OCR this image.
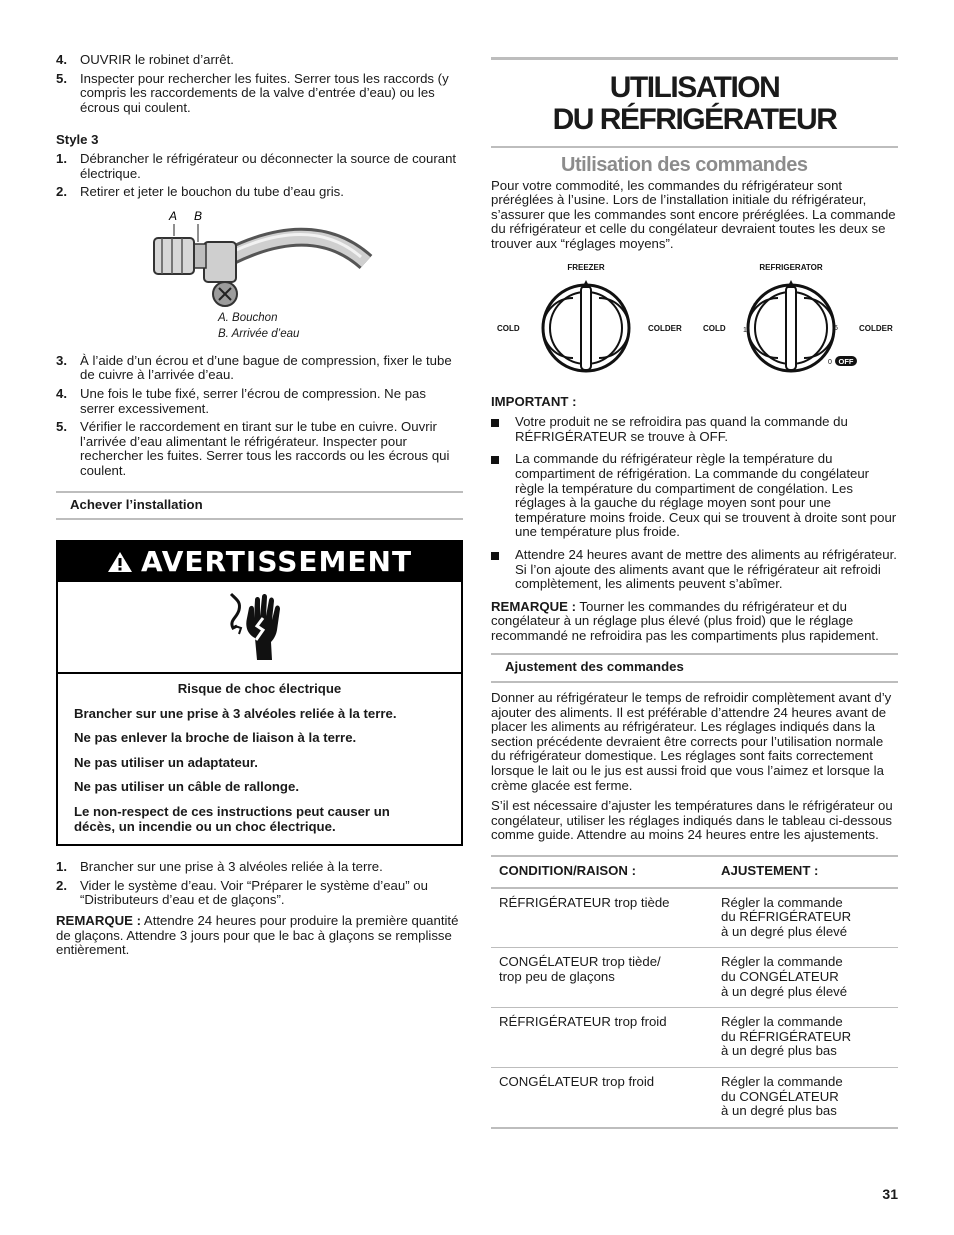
4. OUVRIR le robinet d’arrêt.
5. Inspecter pour rechercher les fuites. Serrer tous les raccords (y compris les raccordements de la valve d’entrée d’eau) ou les écrous qui coulent.

Style 3

1. Débrancher le réfrigérateur ou déconnecter la source de courant électrique.
2. Retirer et jeter le bouchon du tube d’eau gris.
A B

A. Bouchon

B. Arrivée d’eau

3. À l’aide d’un écrou et d’une bague de compression, fixer le tube de cuivre à l’arrivée d’eau.
4. Une fois le tube fixé, serrer l’écrou de compression. Ne pas serrer excessivement.
5. Vérifier le raccordement en tirant sur le tube en cuivre. Ouvrir l’arrivée d’eau alimentant le réfrigérateur. Inspecter pour rechercher les fuites. Serrer tous les raccords ou les écrous qui coulent.
Achever l’installation
AVERTISSEMENT

Risque de choc électrique

Brancher sur une prise à 3 alvéoles reliée à la terre.

Ne pas enlever la broche de liaison à la terre.

Ne pas utiliser un adaptateur.

Ne pas utiliser un câble de rallonge.

Le non-respect de ces instructions peut causer un décès, un incendie ou un choc électrique.

1. Brancher sur une prise à 3 alvéoles reliée à la terre.
2. Vider le système d’eau. Voir “Préparer le système d’eau” ou “Distributeurs d’eau et de glaçons”.

REMARQUE : Attendre 24 heures pour produire la première quantité de glaçons. Attendre 3 jours pour que le bac à glaçons se remplisse entièrement.

UTILISATION

DU RÉFRIGÉRATEUR

Utilisation des commandes

Pour votre commodité, les commandes du réfrigérateur sont préréglées à l’usine. Lors de l’installation initiale du réfrigérateur, s’assurer que les commandes sont encore préréglées. La commande du réfrigérateur et celle du congélateur devraient toutes les deux se trouver aux “réglages moyens”.

FREEZER
COLD	COLDER
REFRIGERATOR
COLD	COLDER
0
1	6
OFF

IMPORTANT :

Votre produit ne se refroidira pas quand la commande du RÉFRIGÉRATEUR se trouve à OFF.
La commande du réfrigérateur règle la température du compartiment de réfrigération. La commande du congélateur règle la température du compartiment de congélation. Les réglages à la gauche du réglage moyen sont pour une température moins froide. Ceux qui se trouvent à droite sont pour une température plus froide.
Attendre 24 heures avant de mettre des aliments au réfrigérateur. Si l’on ajoute des aliments avant que le réfrigérateur ait refroidi complètement, les aliments peuvent s’abîmer.

REMARQUE : Tourner les commandes du réfrigérateur et du congélateur à un réglage plus élevé (plus froid) que le réglage recommandé ne refroidira pas les compartiments plus rapidement.

Ajustement des commandes

Donner au réfrigérateur le temps de refroidir complètement avant d’y ajouter des aliments. Il est préférable d’attendre 24 heures avant de placer les aliments au réfrigérateur. Les réglages indiqués dans la section précédente devraient être corrects pour l’utilisation normale du réfrigérateur domestique. Les réglages sont faits correctement lorsque le lait ou le jus est aussi froid que vous l’aimez et lorsque la crème glacée est ferme.

S’il est nécessaire d’ajuster les températures dans le réfrigérateur ou congélateur, utiliser les réglages indiqués dans le tableau ci-dessous comme guide. Attendre au moins 24 heures entre les ajustements.

CONDITION/RAISON :	AJUSTEMENT :
RÉFRIGÉRATEUR trop tiède	Régler la commande
du RÉFRIGÉRATEUR
à un degré plus élevé
CONGÉLATEUR trop tiède/
trop peu de glaçons	Régler la commande
du CONGÉLATEUR
à un degré plus élevé
RÉFRIGÉRATEUR trop froid	Régler la commande
du RÉFRIGÉRATEUR
à un degré plus bas
CONGÉLATEUR trop froid	Régler la commande
du CONGÉLATEUR
à un degré plus bas
31
